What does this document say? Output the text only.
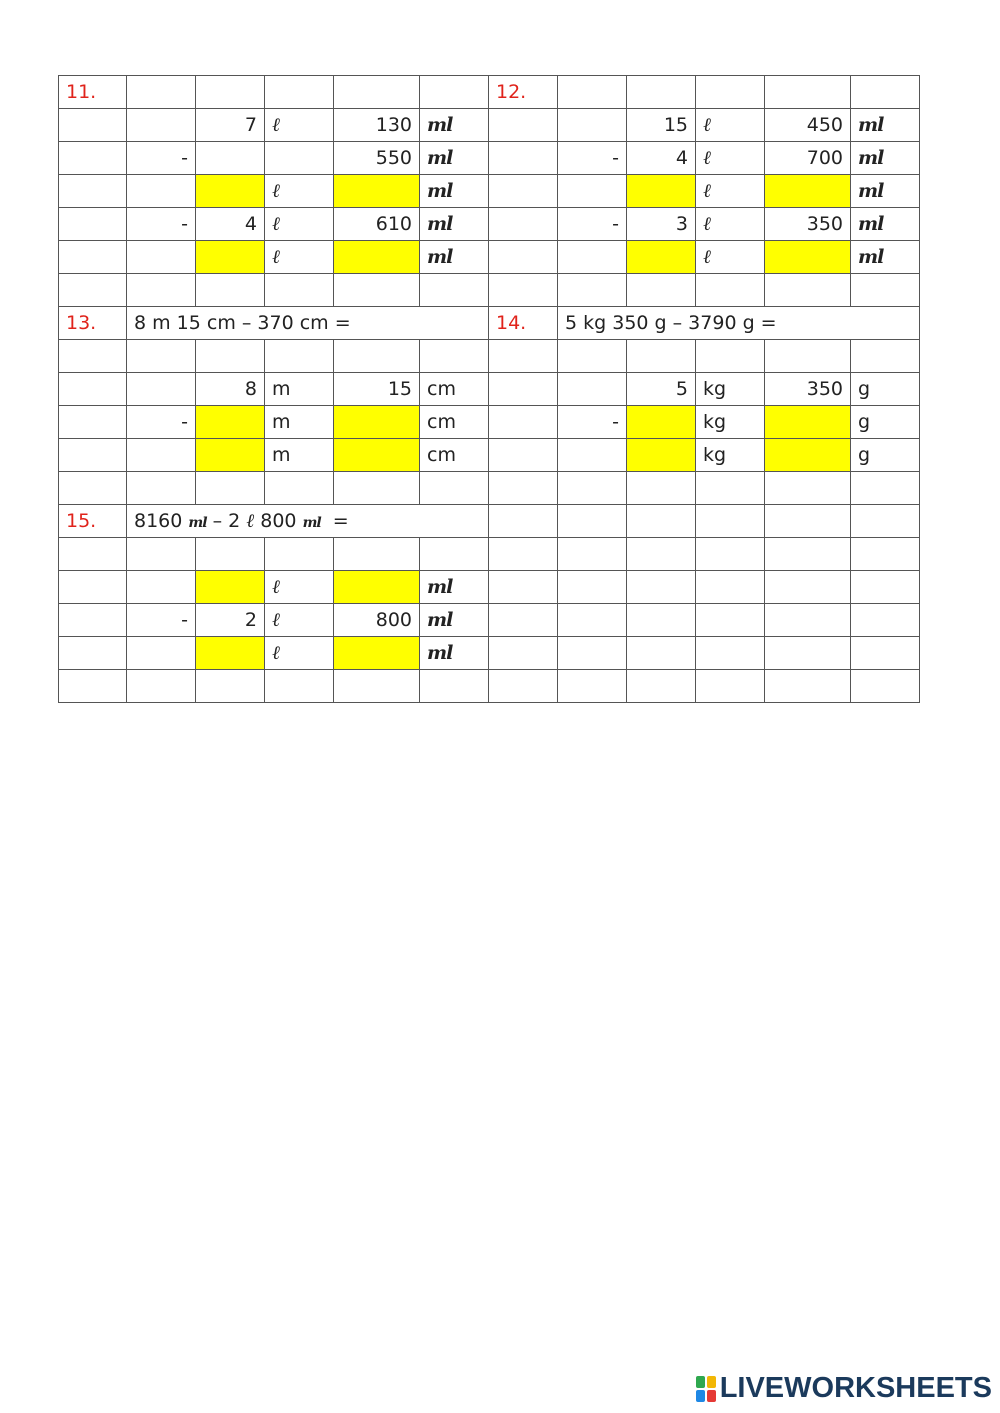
11.						12.					
		7	ℓ	130	ml			15	ℓ	450	ml
	-			550	ml		-	4	ℓ	700	ml
			ℓ		ml				ℓ		ml
	-	4	ℓ	610	ml		-	3	ℓ	350	ml
			ℓ		ml				ℓ		ml

13.	8 m 15 cm – 370 cm =					14.	5 kg 350 g – 3790 g =				

		8	m	15	cm			5	kg	350	g
	-		m		cm		-		kg		g
			m		cm				kg		g

15.	8160 ml – 2 ℓ 800 ml =										

			ℓ		ml						
	-	2	ℓ	800	ml						
			ℓ		ml						

LIVEWORKSHEETS
